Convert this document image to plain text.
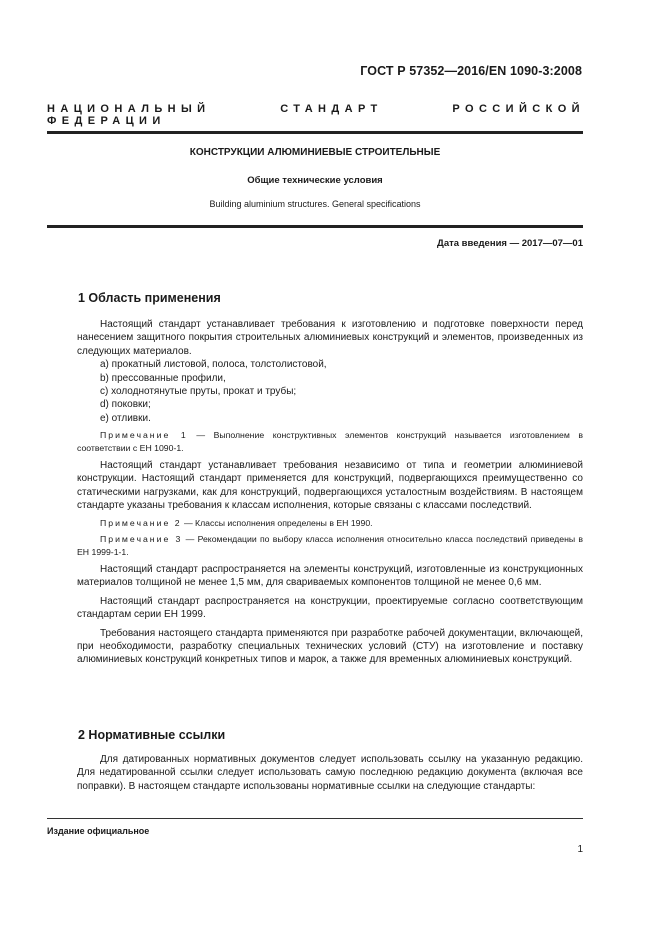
ГОСТ Р 57352—2016/EN 1090-3:2008
НАЦИОНАЛЬНЫЙ СТАНДАРТ РОССИЙСКОЙ ФЕДЕРАЦИИ
КОНСТРУКЦИИ АЛЮМИНИЕВЫЕ СТРОИТЕЛЬНЫЕ
Общие технические условия
Building aluminium structures. General specifications
Дата введения — 2017—07—01
1 Область применения

Настоящий стандарт устанавливает требования к изготовлению и подготовке поверхности перед нанесением защитного покрытия строительных алюминиевых конструкций и элементов, произведенных из следующих материалов.

a) прокатный листовой, полоса, толстолистовой,

b) прессованные профили,

c) холоднотянутые пруты, прокат и трубы;

d) поковки;

e) отливки.

Примечание 1 — Выполнение конструктивных элементов конструкций называется изготовлением в соответствии с ЕН 1090-1.

Настоящий стандарт устанавливает требования независимо от типа и геометрии алюминиевой конструкции. Настоящий стандарт применяется для конструкций, подвергающихся преимущественно со статическими нагрузками, как для конструкций, подвергающихся усталостным воздействиям. В настоящем стандарте указаны требования к классам исполнения, которые связаны с классами последствий.

Примечание 2 — Классы исполнения определены в ЕН 1990.

Примечание 3 — Рекомендации по выбору класса исполнения относительно класса последствий приведены в ЕН 1999-1-1.

Настоящий стандарт распространяется на элементы конструкций, изготовленные из конструкционных материалов толщиной не менее 1,5 мм, для свариваемых компонентов толщиной не менее 0,6 мм.

Настоящий стандарт распространяется на конструкции, проектируемые согласно соответствующим стандартам серии ЕН 1999.

Требования настоящего стандарта применяются при разработке рабочей документации, включающей, при необходимости, разработку специальных технических условий (СТУ) на изготовление и поставку алюминиевых конструкций конкретных типов и марок, а также для временных алюминиевых конструкций.

2 Нормативные ссылки

Для датированных нормативных документов следует использовать ссылку на указанную редакцию. Для недатированной ссылки следует использовать самую последнюю редакцию документа (включая все поправки). В настоящем стандарте использованы нормативные ссылки на следующие стандарты:

Издание официальное
1
